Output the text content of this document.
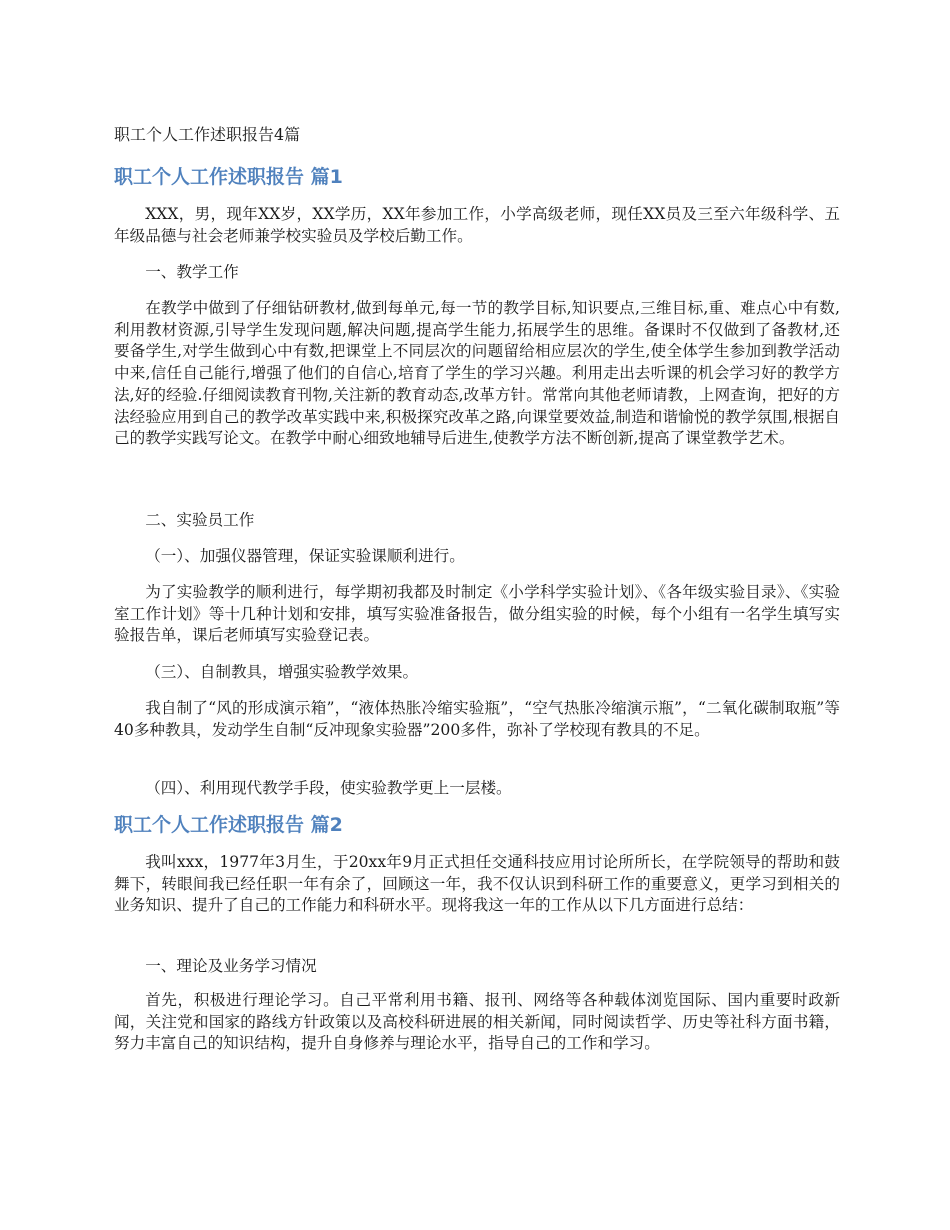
职工个人工作述职报告4篇
职工个人工作述职报告 篇1

XXX，男，现年XX岁，XX学历，XX年参加工作，小学高级老师，现任XX员及三至六年级科学、五年级品德与社会老师兼学校实验员及学校后勤工作。

一、教学工作

在教学中做到了仔细钻研教材,做到每单元,每一节的教学目标,知识要点,三维目标,重、难点心中有数,利用教材资源,引导学生发现问题,解决问题,提高学生能力,拓展学生的思维。备课时不仅做到了备教材,还要备学生,对学生做到心中有数,把课堂上不同层次的问题留给相应层次的学生,使全体学生参加到教学活动中来,信任自己能行,增强了他们的自信心,培育了学生的学习兴趣。利用走出去听课的机会学习好的教学方法,好的经验.仔细阅读教育刊物,关注新的教育动态,改革方针。常常向其他老师请教，上网查询，把好的方法经验应用到自己的教学改革实践中来,积极探究改革之路,向课堂要效益,制造和谐愉悦的教学氛围,根据自己的教学实践写论文。在教学中耐心细致地辅导后进生,使教学方法不断创新,提高了课堂教学艺术。

二、实验员工作

（一）、加强仪器管理，保证实验课顺利进行。

为了实验教学的顺利进行，每学期初我都及时制定《小学科学实验计划》、《各年级实验目录》、《实验室工作计划》等十几种计划和安排，填写实验准备报告，做分组实验的时候，每个小组有一名学生填写实验报告单，课后老师填写实验登记表。

（三）、自制教具，增强实验教学效果。

我自制了“风的形成演示箱”，“液体热胀冷缩实验瓶”，“空气热胀冷缩演示瓶”，“二氧化碳制取瓶”等40多种教具，发动学生自制“反冲现象实验器”200多件，弥补了学校现有教具的不足。

（四）、利用现代教学手段，使实验教学更上一层楼。

职工个人工作述职报告 篇2

我叫xxx，1977年3月生，于20xx年9月正式担任交通科技应用讨论所所长，在学院领导的帮助和鼓舞下，转眼间我已经任职一年有余了，回顾这一年，我不仅认识到科研工作的重要意义，更学习到相关的业务知识、提升了自己的工作能力和科研水平。现将我这一年的工作从以下几方面进行总结：

一、理论及业务学习情况

首先，积极进行理论学习。自己平常利用书籍、报刊、网络等各种载体浏览国际、国内重要时政新闻，关注党和国家的路线方针政策以及高校科研进展的相关新闻，同时阅读哲学、历史等社科方面书籍，努力丰富自己的知识结构，提升自身修养与理论水平，指导自己的工作和学习。
